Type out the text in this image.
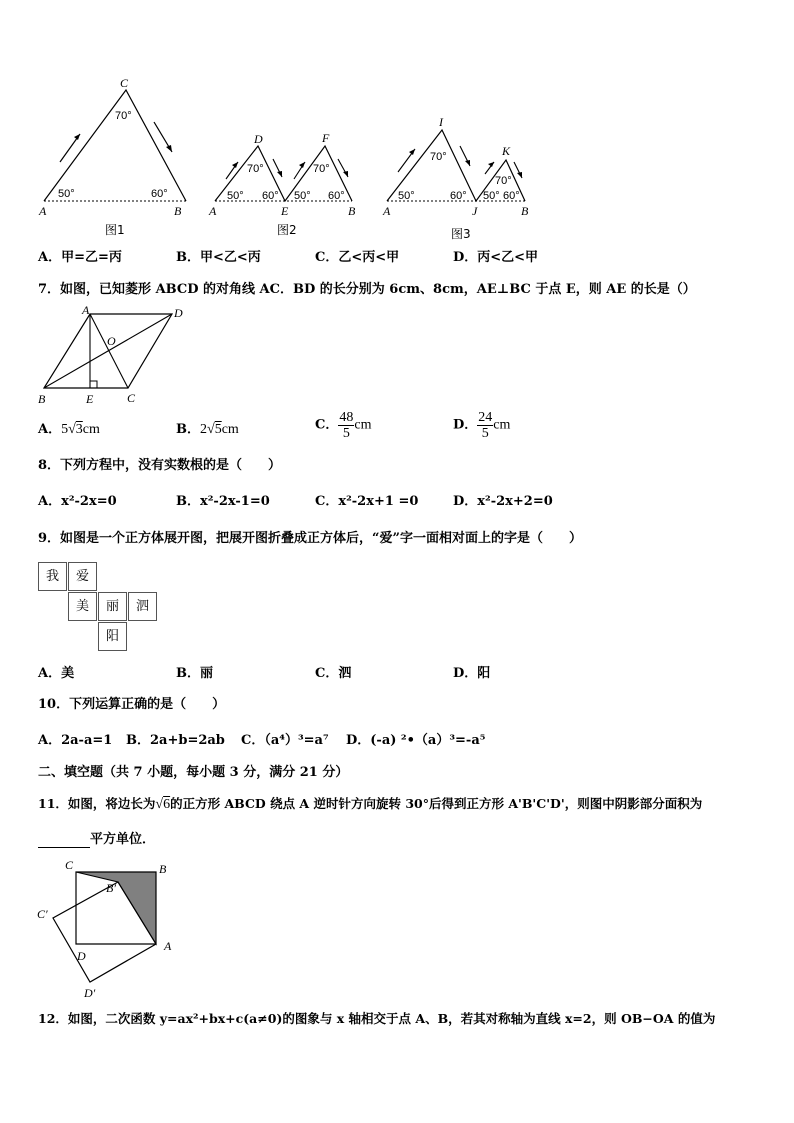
C
70°
50°	60°
A	B
图1
D	F
70°	70°
50° 60° 50° 60°
A	E	B
图2
I
K
70°
70°
50°	60° 50° 60°
A	J	B
图3
A．甲=乙=丙	B．甲<乙<丙	C．乙<丙<甲	D．丙<乙<甲
7．如图，已知菱形 ABCD 的对角线 AC．BD 的长分别为 6cm、8cm，AE⊥BC 于点 E，则 AE 的长是（）
A	D
O
B	E	C
A．5√3cm	B．2√5cm	C． $\frac{48}{5}$ cm	D． $\frac{24}{5}$ cm
8．下列方程中，没有实数根的是（　　）
A．x²-2x=0	B．x²-2x-1=0	C．x²-2x+1 =0	D．x²-2x+2=0
9．如图是一个正方体展开图，把展开图折叠成正方体后，“爱”字一面相对面上的字是（　　）
我	爱
美	丽	泗
阳
A．美	B．丽	C．泗	D．阳
10．下列运算正确的是（　　）
A．2a-a=1 B．2a+b=2ab C．（a⁴）³=a⁷ D．(-a) ²•（a）³=-a⁵
二、填空题（共 7 小题，每小题 3 分，满分 21 分）
11．如图，将边长为√6的正方形 ABCD 绕点 A 逆时针方向旋转 30°后得到正方形 A'B'C'D'，则图中阴影部分面积为
平方单位．
C	B
B′
C′
A
D
D′
12．如图，二次函数 y=ax²+bx+c(a≠0)的图象与 x 轴相交于点 A、B，若其对称轴为直线 x=2，则 OB−OA 的值为
